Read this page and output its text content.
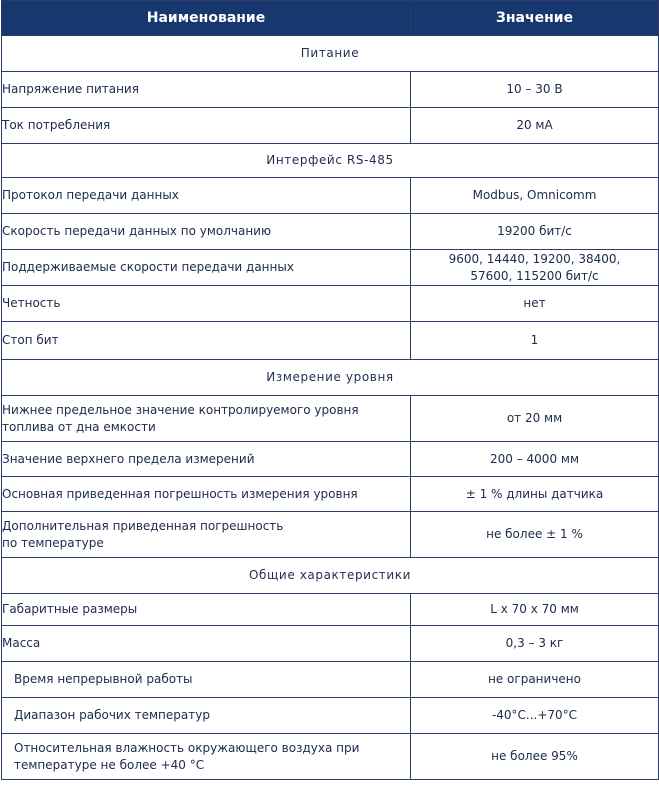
Наименование	Значение
Питание	
Напряжение питания	10 – 30 В
Ток потребления	20 мА
Интерфейс RS-485	
Протокол передачи данных	Modbus, Omnicomm
Скорость передачи данных по умолчанию	19200 бит/с
Поддерживаемые скорости передачи данных	9600, 14440, 19200, 38400,
57600, 115200 бит/с

Четность	нет
Стоп бит	1
Измерение уровня	

Нижнее предельное значение контролируемого уровня
топлива от дна емкости	от 20 мм
Значение верхнего предела измерений	200 – 4000 мм
Основная приведенная погрешность измерения уровня	± 1 % длины датчика

Дополнительная приведенная погрешность
по температуре	не более ± 1 %
Общие характеристики	
Габаритные размеры	L x 70 x 70 мм
Масса	0,3 – 3 кг
Время непрерывной работы	не ограничено
Диапазон рабочих температур	-40°С...+70°С

Относительная влажность окружающего воздуха при
температуре не более +40 °С	не более 95%
